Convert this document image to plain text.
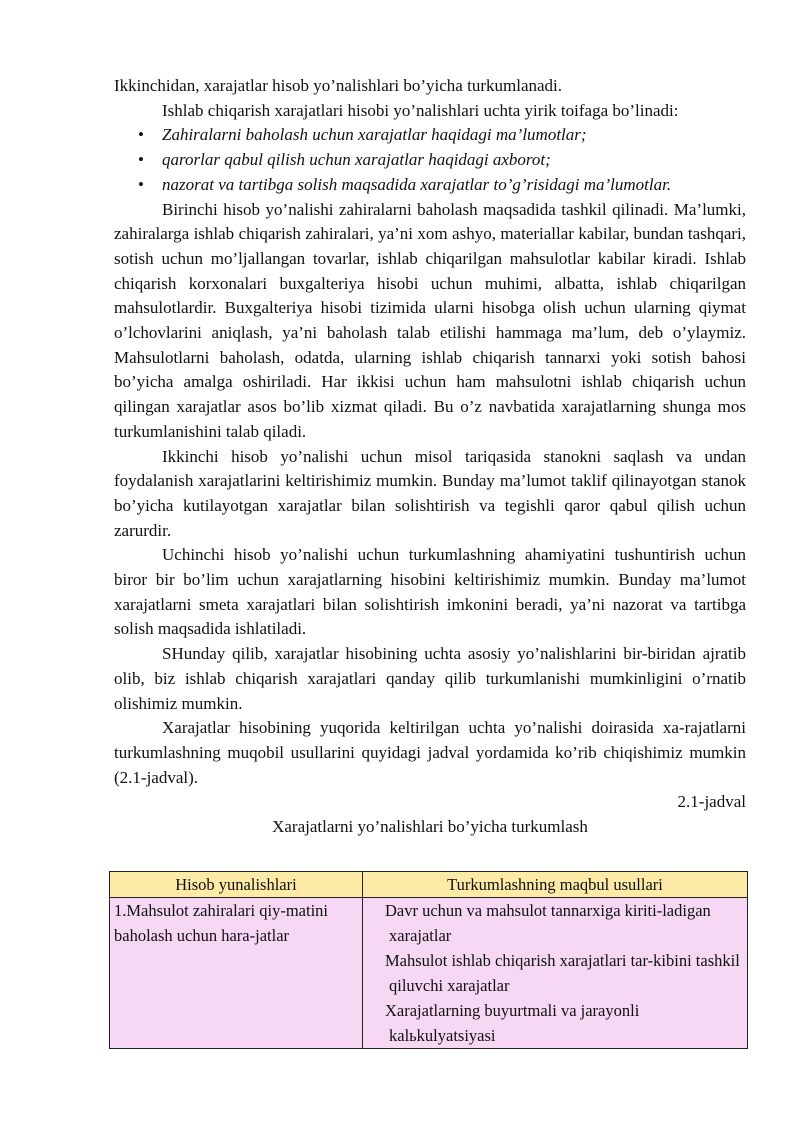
Ikkinchidan, xarajatlar hisob yo’nalishlari bo’yicha turkumlanadi.

Ishlab chiqarish xarajatlari hisobi yo’nalishlari uchta yirik toifaga bo’linadi:

• Zahiralarni baholash uchun xarajatlar haqidagi ma’lumotlar;
• qarorlar qabul qilish uchun xarajatlar haqidagi axborot;
• nazorat va tartibga solish maqsadida xarajatlar to’g’risidagi ma’lumotlar.

Birinchi hisob yo’nalishi zahiralarni baholash maqsadida tashkil qilinadi. Ma’lumki, zahiralarga ishlab chiqarish zahiralari, ya’ni xom ashyo, materiallar kabilar, bundan tashqari, sotish uchun mo’ljallangan tovarlar, ishlab chiqarilgan mahsulotlar kabilar kiradi. Ishlab chiqarish korxonalari buxgalteriya hisobi uchun muhimi, albatta, ishlab chiqarilgan mahsulotlardir. Buxgalteriya hisobi tizimida ularni hisobga olish uchun ularning qiymat o’lchovlarini aniqlash, ya’ni baholash talab etilishi hammaga ma’lum, deb o’ylaymiz. Mahsulotlarni baholash, odatda, ularning ishlab chiqarish tannarxi yoki sotish bahosi bo’yicha amalga oshiriladi. Har ikkisi uchun ham mahsulotni ishlab chiqarish uchun qilingan xarajatlar asos bo’lib xizmat qiladi. Bu o’z navbatida xarajatlarning shunga mos turkumlanishini talab qiladi.

Ikkinchi hisob yo’nalishi uchun misol tariqasida stanokni saqlash va undan foydalanish xarajatlarini keltirishimiz mumkin. Bunday ma’lumot taklif qilinayotgan stanok bo’yicha kutilayotgan xarajatlar bilan solishtirish va tegishli qaror qabul qilish uchun zarurdir.

Uchinchi hisob yo’nalishi uchun turkumlashning ahamiyatini tushuntirish uchun biror bir bo’lim uchun xarajatlarning hisobini keltirishimiz mumkin. Bunday ma’lumot xarajatlarni smeta xarajatlari bilan solishtirish imkonini beradi, ya’ni nazorat va tartibga solish maqsadida ishlatiladi.

SHunday qilib, xarajatlar hisobining uchta asosiy yo’nalishlarini bir-biridan ajratib olib, biz ishlab chiqarish xarajatlari qanday qilib turkumlanishi mumkinligini o’rnatib olishimiz mumkin.

Xarajatlar hisobining yuqorida keltirilgan uchta yo’nalishi doirasida xa-rajatlarni turkumlashning muqobil usullarini quyidagi jadval yordamida ko’rib chiqishimiz mumkin (2.1-jadval).

2.1-jadval

Xarajatlarni yo’nalishlari bo’yicha turkumlash

Hisob yunalishlari	Turkumlashning maqbul usullari
1.Mahsulot zahiralari qiy-matini baholash uchun hara-jatlar	Davr uchun va mahsulot tannarxiga kiriti-ladigan xarajatlar
Mahsulot ishlab chiqarish xarajatlari tar-kibini tashkil qiluvchi xarajatlar
Xarajatlarning buyurtmali va jarayonli kalьkulyatsiyasi
